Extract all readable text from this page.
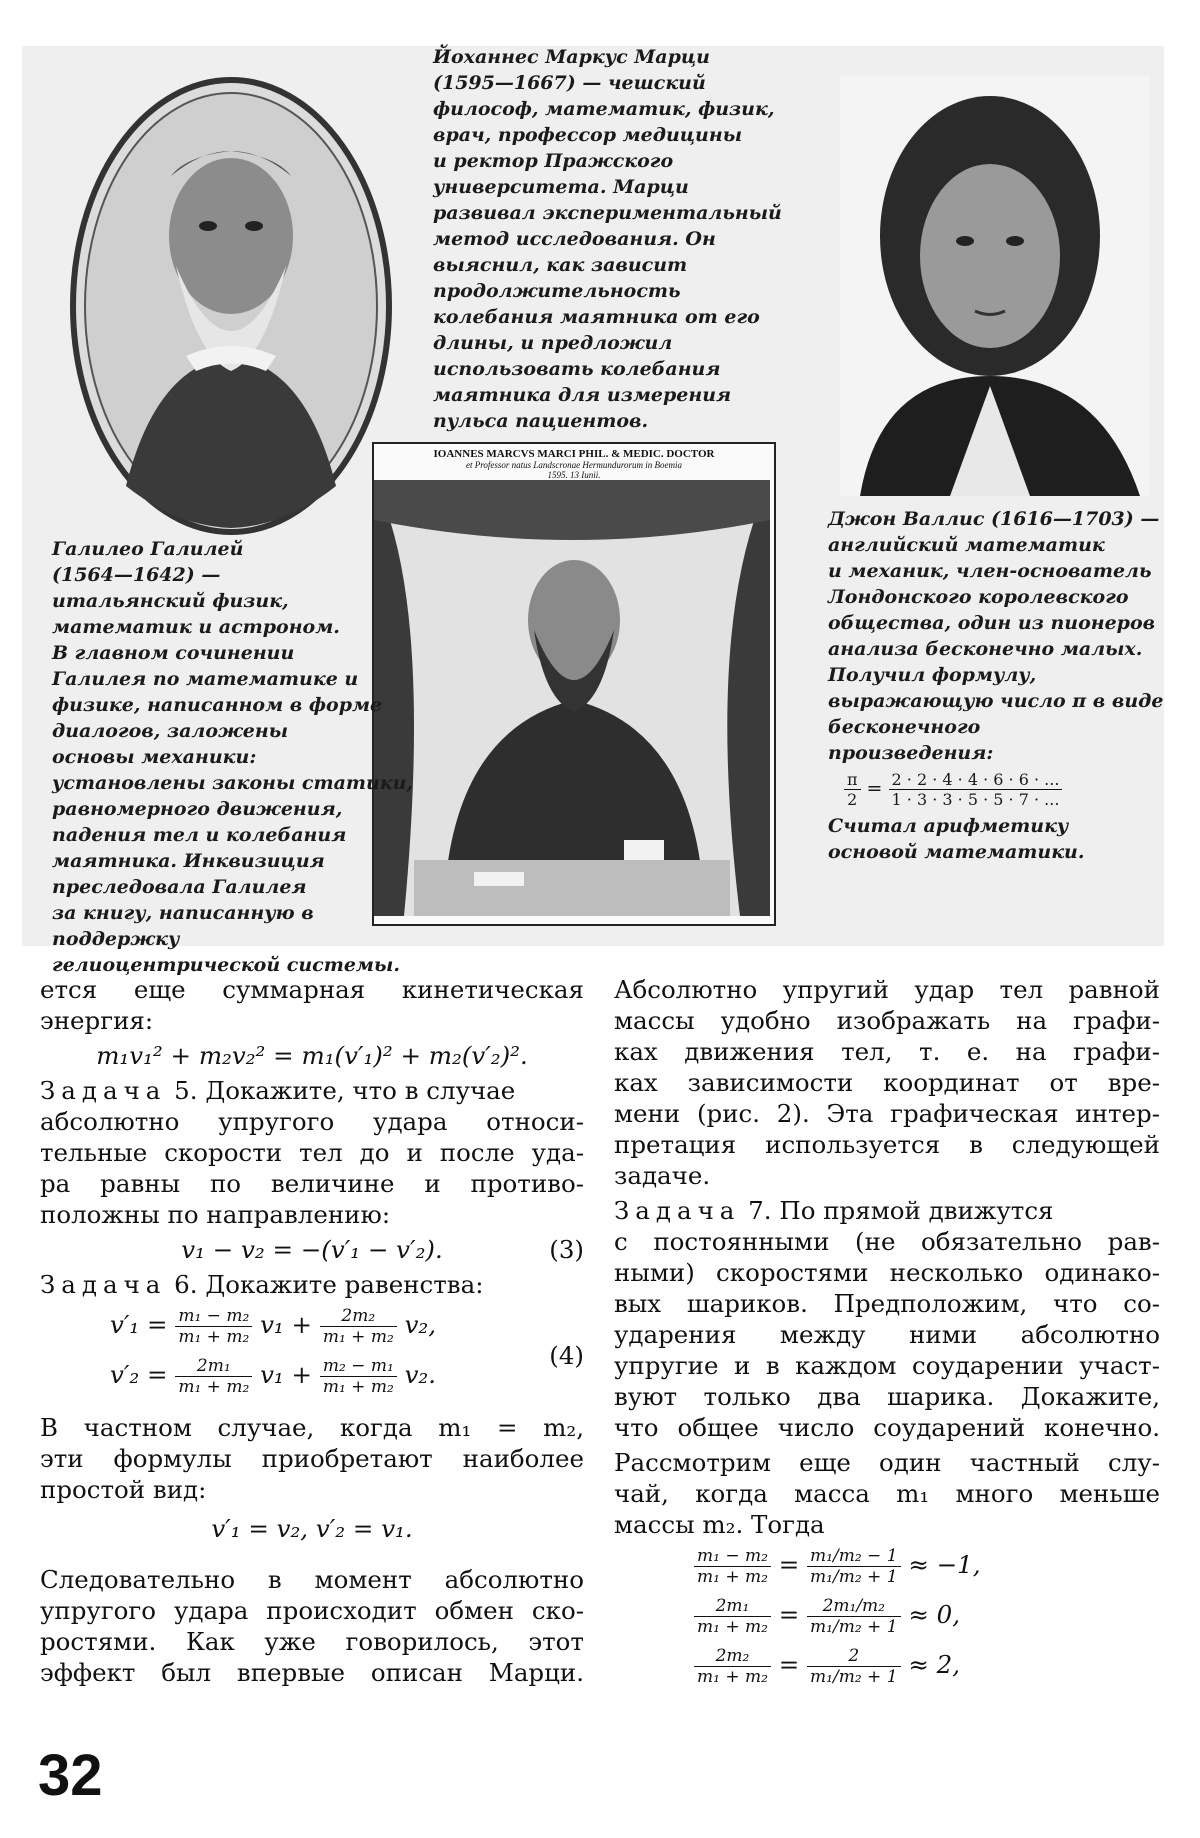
IOANNES MARCVS MARCI PHIL. & MEDIC. DOCTOR
et Professor natus Landscronae Hermundurorum in Boemia
1595. 13 Iunii.
Йоханнес Маркус Марци
(1595—1667) — чешский
философ, математик, физик,
врач, профессор медицины
и ректор Пражского
университета. Марци
развивал экспериментальный
метод исследования. Он
выяснил, как зависит
продолжительность
колебания маятника от его
длины, и предложил
использовать колебания
маятника для измерения
пульса пациентов.
Галилео Галилей
(1564—1642) —
итальянский физик,
математик и астроном.
В главном сочинении
Галилея по математике и
физике, написанном в форме
диалогов, заложены
основы механики:
установлены законы статики,
равномерного движения,
падения тел и колебания
маятника. Инквизиция
преследовала Галилея
за книгу, написанную в
поддержку
гелиоцентрической системы.
Джон Валлис (1616—1703) —
английский математик
и механик, член-основатель
Лондонского королевского
общества, один из пионеров
анализа бесконечно малых.
Получил формулу,
выражающую число π в виде
бесконечного
произведения:
$\frac{\pi}{2} = \frac{2 \cdot 2 \cdot 4 \cdot 4 \cdot 6 \cdot 6 \cdot ...}{1 \cdot 3 \cdot 3 \cdot 5 \cdot 5 \cdot 7 \cdot ...}$
Считал арифметику
основой математики.
ется еще суммарная кинетическая
энергия:
m₁v₁² + m₂v₂² = m₁(v′₁)² + m₂(v′₂)².
Задача 5. Докажите, что в случае
абсолютно упругого удара относи-
тельные скорости тел до и после уда-
ра равны по величине и противо-
положны по направлению:
v₁ − v₂ = −(v′₁ − v′₂).	(3)
Задача 6. Докажите равенства:
$v'_1 = \frac{\text{m₁ − m₂}}{\text{m₁ + m₂}} v_1 + \frac{\text{2m₂}}{\text{m₁ + m₂}} v_2$,
$v'_2 = \frac{\text{2m₁}}{\text{m₁ + m₂}} v_1 + \frac{\text{m₂ − m₁}}{\text{m₁ + m₂}} v_2$.
(4)
В частном случае, когда m₁ = m₂,
эти формулы приобретают наиболее
простой вид:
v′₁ = v₂, v′₂ = v₁.
Следовательно в момент абсолютно
упругого удара происходит обмен ско-
ростями. Как уже говорилось, этот
эффект был впервые описан Марци.
Абсолютно упругий удар тел равной
массы удобно изображать на графи-
ках движения тел, т. е. на графи-
ках зависимости координат от вре-
мени (рис. 2). Эта графическая интер-
претация используется в следующей
задаче.
Задача 7. По прямой движутся
с постоянными (не обязательно рав-
ными) скоростями несколько одинако-
вых шариков. Предположим, что со-
ударения между ними абсолютно
упругие и в каждом соударении участ-
вуют только два шарика. Докажите,
что общее число соударений конечно.
Рассмотрим еще один частный слу-
чай, когда масса m₁ много меньше
массы m₂. Тогда
$\frac{\text{m₁ − m₂}}{\text{m₁ + m₂}} = \frac{\text{m₁/m₂ − 1}}{\text{m₁/m₂ + 1}} \approx -1$,
$\frac{\text{2m₁}}{\text{m₁ + m₂}} = \frac{\text{2m₁/m₂}}{\text{m₁/m₂ + 1}} \approx 0$,
$\frac{\text{2m₂}}{\text{m₁ + m₂}} = \frac{2}{\text{m₁/m₂ + 1}} \approx 2$,
32
